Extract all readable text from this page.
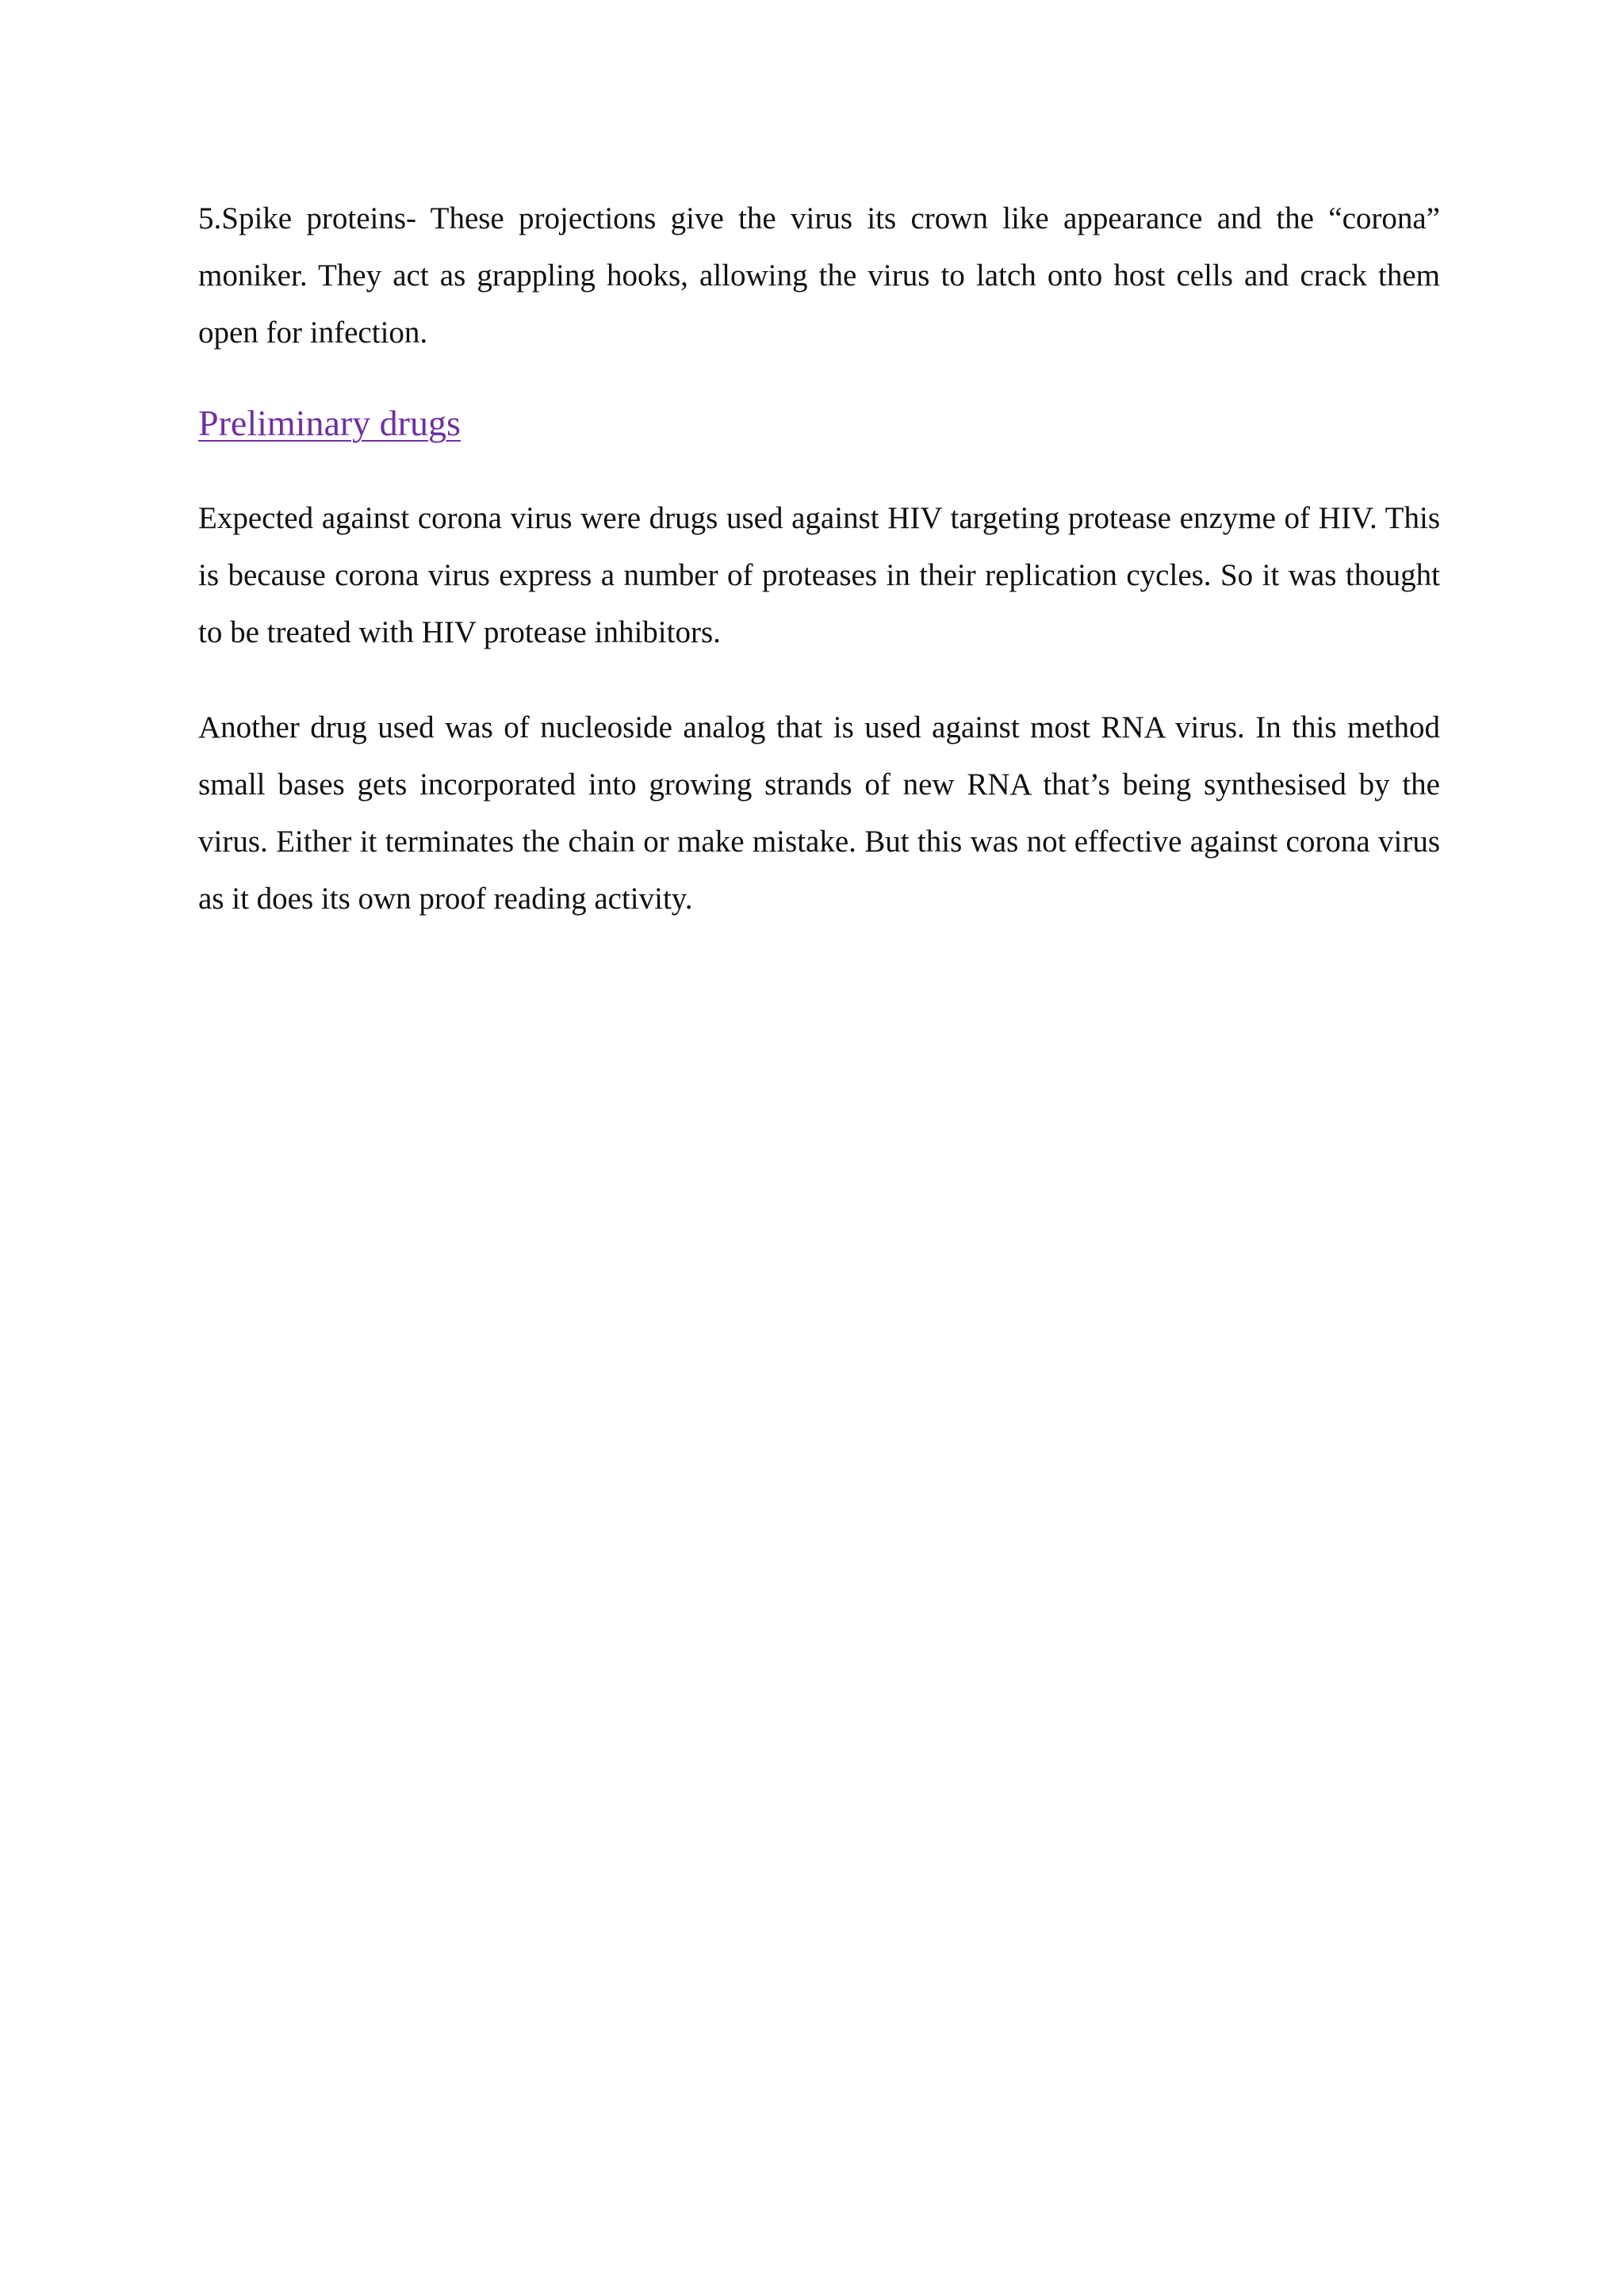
5.Spike proteins- These projections give the virus its crown like appearance and the “corona” moniker. They act as grappling hooks, allowing the virus to latch onto host cells and crack them open for infection.

Preliminary drugs

Expected against corona virus were drugs used against HIV targeting protease enzyme of HIV. This is because corona virus express a number of proteases in their replication cycles. So it was thought to be treated with HIV protease inhibitors.

Another drug used was of nucleoside analog that is used against most RNA virus. In this method small bases gets incorporated into growing strands of new RNA that’s being synthesised by the virus. Either it terminates the chain or make mistake. But this was not effective against corona virus as it does its own proof reading activity.
